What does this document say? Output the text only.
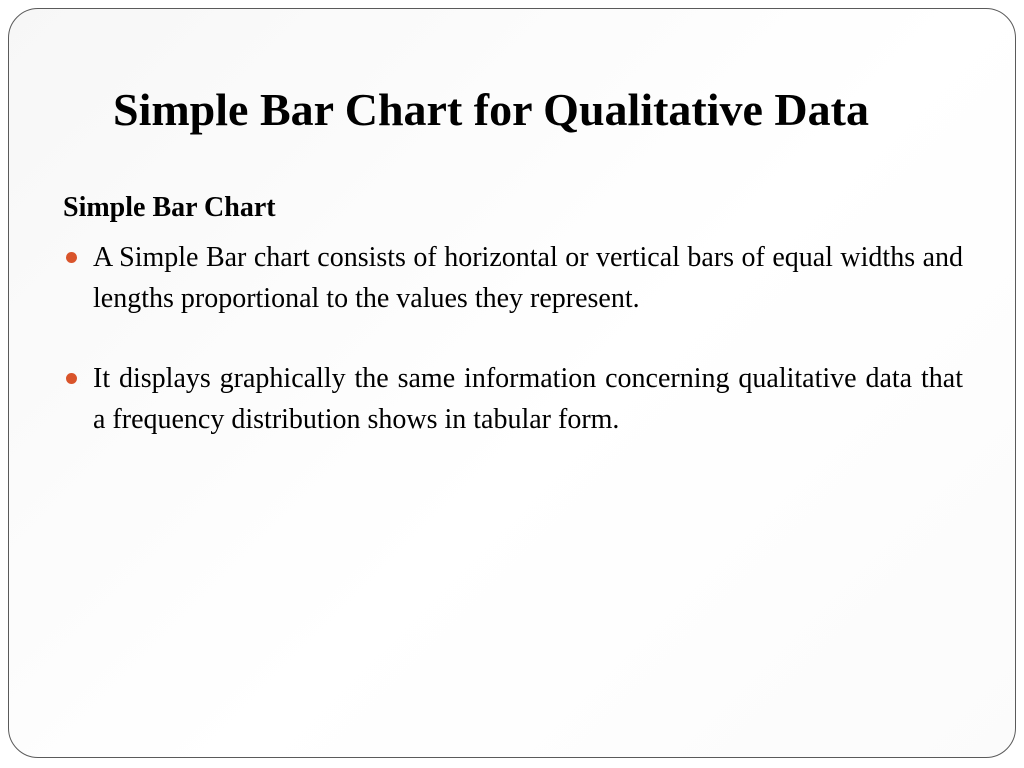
Simple Bar Chart for Qualitative Data
Simple Bar Chart
A Simple Bar chart consists of horizontal or vertical bars of equal widths and lengths proportional to the values they represent.
It displays graphically the same information concerning qualitative data that a frequency distribution shows in tabular form.
